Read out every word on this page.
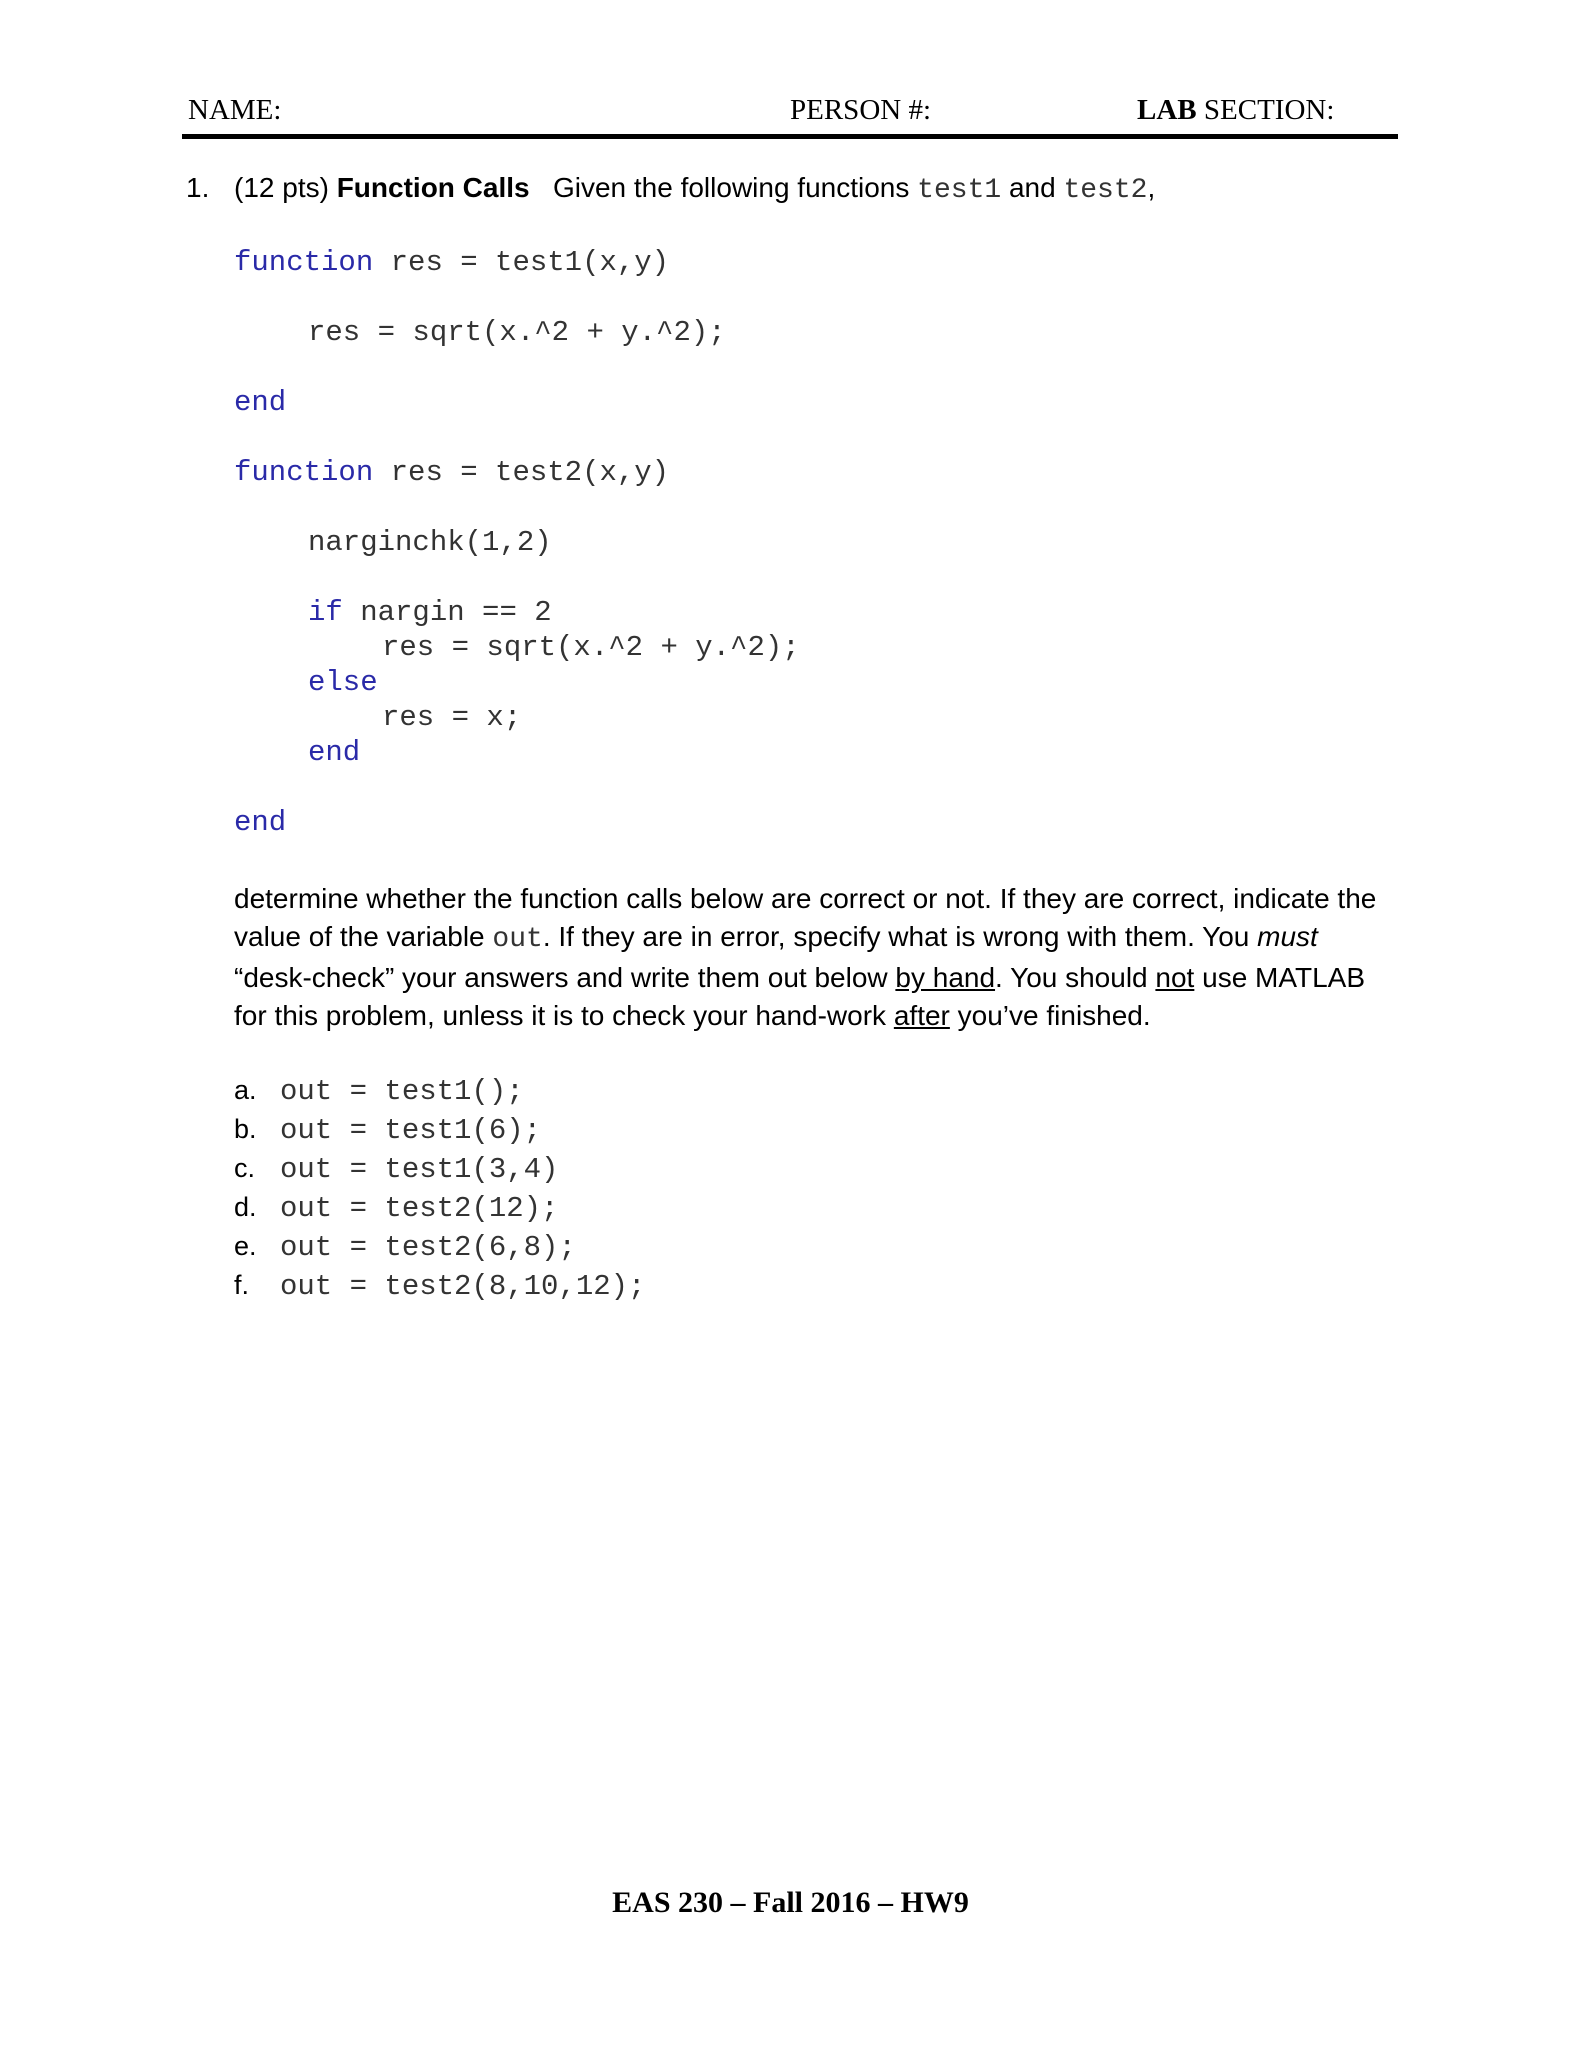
NAME:	PERSON #:	LAB SECTION:
1. (12 pts) Function Calls   Given the following functions test1 and test2,
function res = test1(x,y)
res = sqrt(x.^2 + y.^2);
end
function res = test2(x,y)
narginchk(1,2)
if nargin == 2
res = sqrt(x.^2 + y.^2);
else
res = x;
end
end
determine whether the function calls below are correct or not. If they are correct, indicate the value of the variable out. If they are in error, specify what is wrong with them. You must “desk-check” your answers and write them out below by hand. You should not use MATLAB for this problem, unless it is to check your hand-work after you’ve finished.
a. out = test1();
b. out = test1(6);
c. out = test1(3,4)
d. out = test2(12);
e. out = test2(6,8);
f. out = test2(8,10,12);
EAS 230 – Fall 2016 – HW9
